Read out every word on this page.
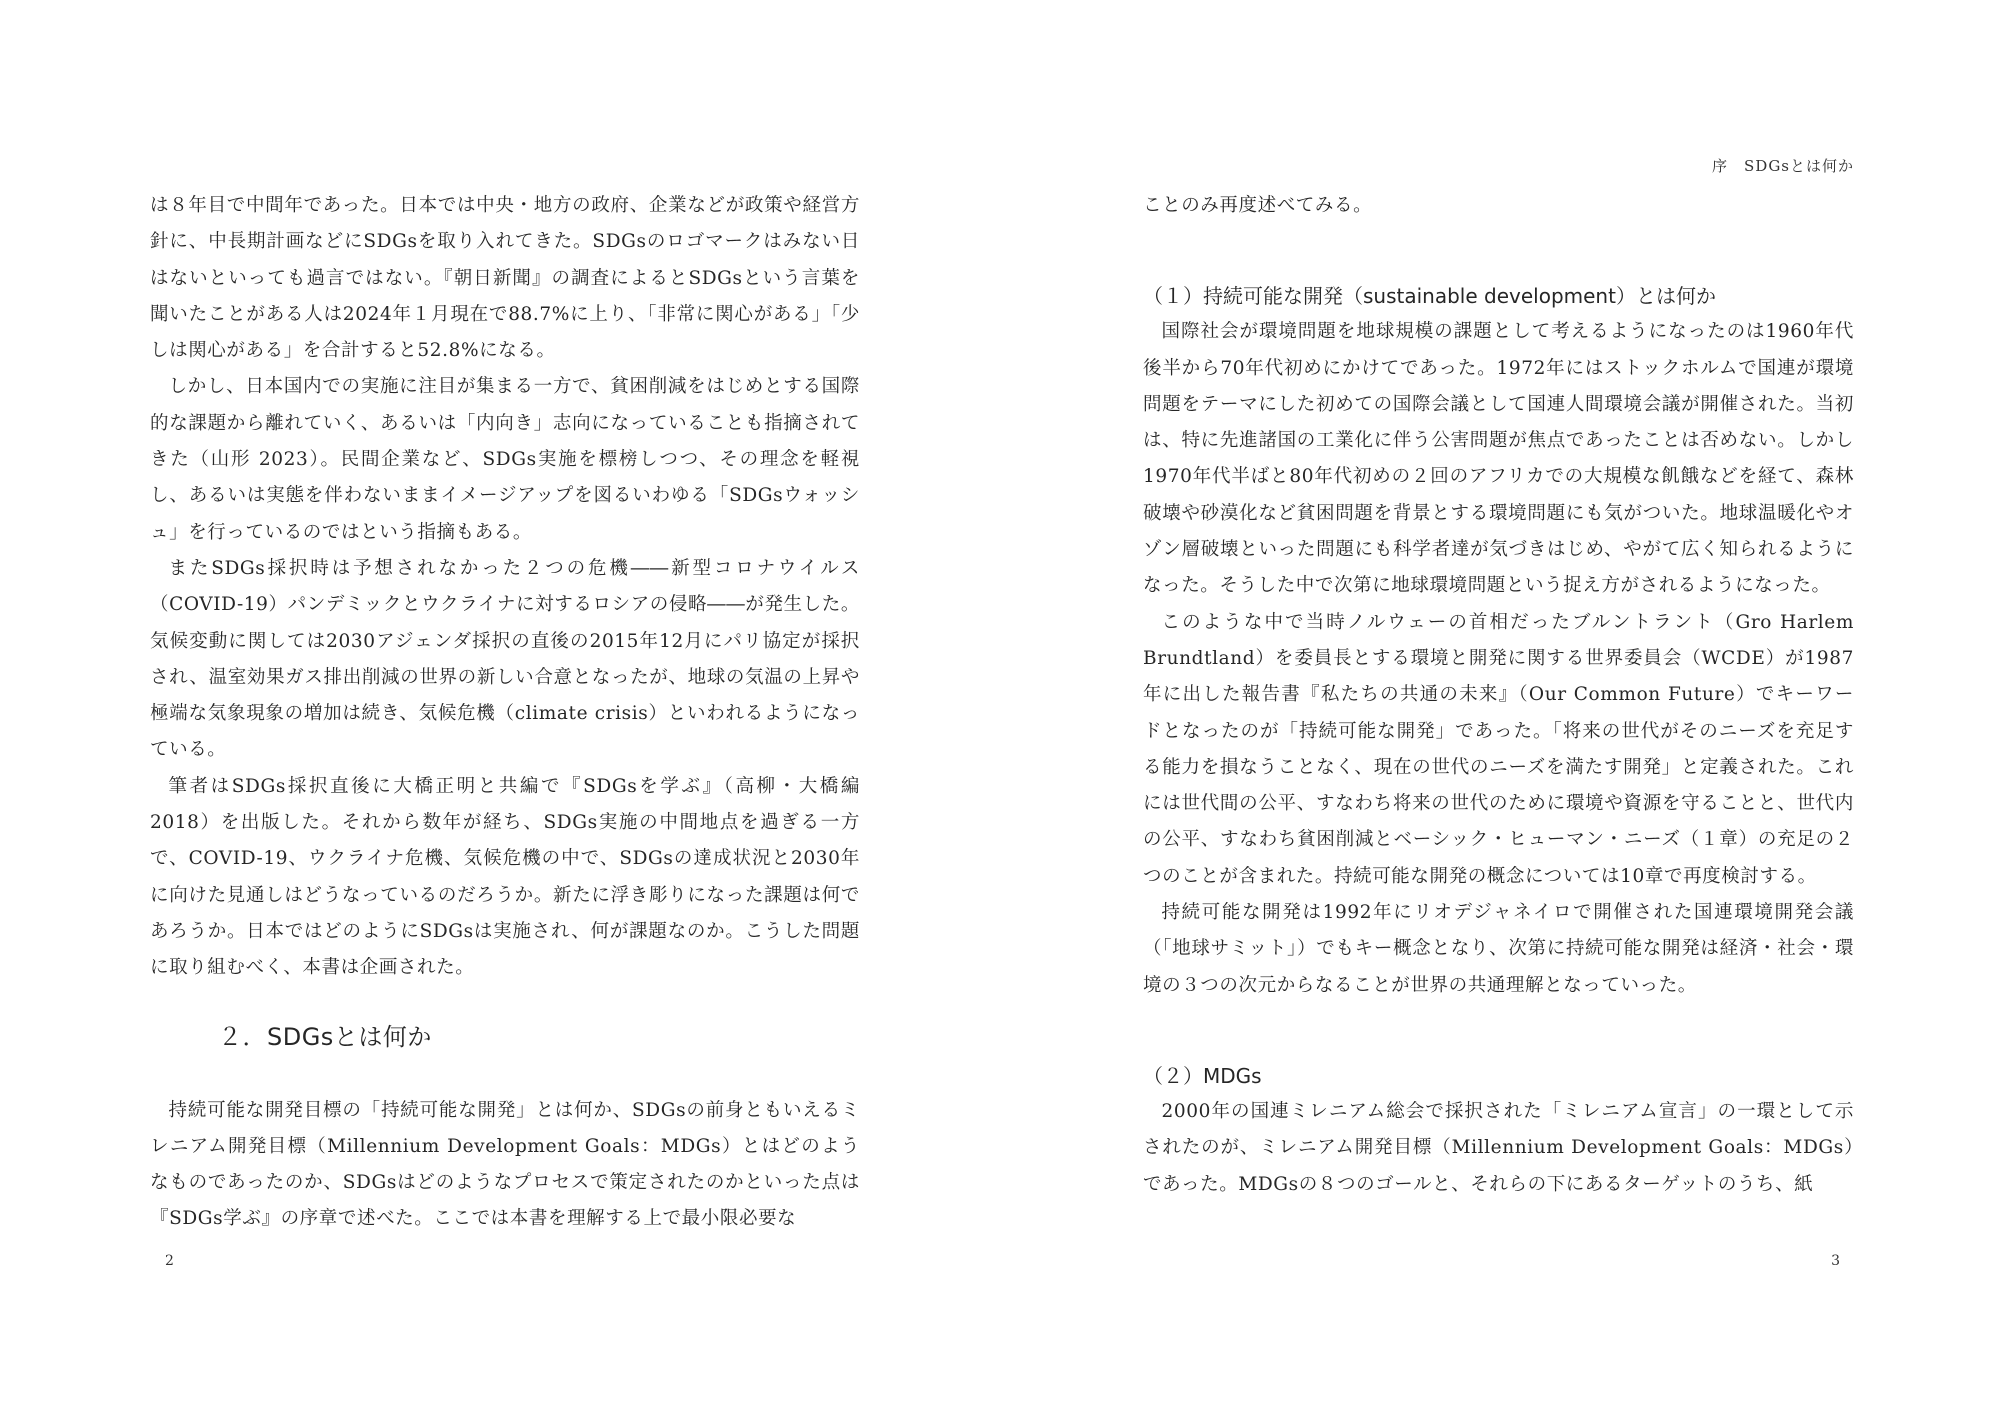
は８年目で中間年であった。日本では中央・地方の政府、企業などが政策や経営方針に、中長期計画などにSDGsを取り入れてきた。SDGsのロゴマークはみない日はないといっても過言ではない。『朝日新聞』の調査によるとSDGsという言葉を聞いたことがある人は2024年１月現在で88.7%に上り、「非常に関心がある」「少しは関心がある」を合計すると52.8%になる。

しかし、日本国内での実施に注目が集まる一方で、貧困削減をはじめとする国際的な課題から離れていく、あるいは「内向き」志向になっていることも指摘されてきた（山形 2023）。民間企業など、SDGs実施を標榜しつつ、その理念を軽視し、あるいは実態を伴わないままイメージアップを図るいわゆる「SDGsウォッシュ」を行っているのではという指摘もある。

またSDGs採択時は予想されなかった２つの危機――新型コロナウイルス（COVID-19）パンデミックとウクライナに対するロシアの侵略――が発生した。気候変動に関しては2030アジェンダ採択の直後の2015年12月にパリ協定が採択され、温室効果ガス排出削減の世界の新しい合意となったが、地球の気温の上昇や極端な気象現象の増加は続き、気候危機（climate crisis）といわれるようになっている。

筆者はSDGs採択直後に大橋正明と共編で『SDGsを学ぶ』（高柳・大橋編 2018）を出版した。それから数年が経ち、SDGs実施の中間地点を過ぎる一方で、COVID-19、ウクライナ危機、気候危機の中で、SDGsの達成状況と2030年に向けた見通しはどうなっているのだろうか。新たに浮き彫りになった課題は何であろうか。日本ではどのようにSDGsは実施され、何が課題なのか。こうした問題に取り組むべく、本書は企画された。

２．SDGsとは何か

持続可能な開発目標の「持続可能な開発」とは何か、SDGsの前身ともいえるミレニアム開発目標（Millennium Development Goals：MDGs）とはどのようなものであったのか、SDGsはどのようなプロセスで策定されたのかといった点は『SDGs学ぶ』の序章で述べた。ここでは本書を理解する上で最小限必要な

2
序　SDGsとは何か

ことのみ再度述べてみる。

（１）持続可能な開発（sustainable development）とは何か

国際社会が環境問題を地球規模の課題として考えるようになったのは1960年代後半から70年代初めにかけてであった。1972年にはストックホルムで国連が環境問題をテーマにした初めての国際会議として国連人間環境会議が開催された。当初は、特に先進諸国の工業化に伴う公害問題が焦点であったことは否めない。しかし1970年代半ばと80年代初めの２回のアフリカでの大規模な飢餓などを経て、森林破壊や砂漠化など貧困問題を背景とする環境問題にも気がついた。地球温暖化やオゾン層破壊といった問題にも科学者達が気づきはじめ、やがて広く知られるようになった。そうした中で次第に地球環境問題という捉え方がされるようになった。

このような中で当時ノルウェーの首相だったブルントラント（Gro Harlem Brundtland）を委員長とする環境と開発に関する世界委員会（WCDE）が1987年に出した報告書『私たちの共通の未来』（Our Common Future）でキーワードとなったのが「持続可能な開発」であった。「将来の世代がそのニーズを充足する能力を損なうことなく、現在の世代のニーズを満たす開発」と定義された。これには世代間の公平、すなわち将来の世代のために環境や資源を守ることと、世代内の公平、すなわち貧困削減とベーシック・ヒューマン・ニーズ（１章）の充足の２つのことが含まれた。持続可能な開発の概念については10章で再度検討する。

持続可能な開発は1992年にリオデジャネイロで開催された国連環境開発会議（「地球サミット」）でもキー概念となり、次第に持続可能な開発は経済・社会・環境の３つの次元からなることが世界の共通理解となっていった。

（２）MDGs

2000年の国連ミレニアム総会で採択された「ミレニアム宣言」の一環として示されたのが、ミレニアム開発目標（Millennium Development Goals：MDGs）であった。MDGsの８つのゴールと、それらの下にあるターゲットのうち、紙

3
